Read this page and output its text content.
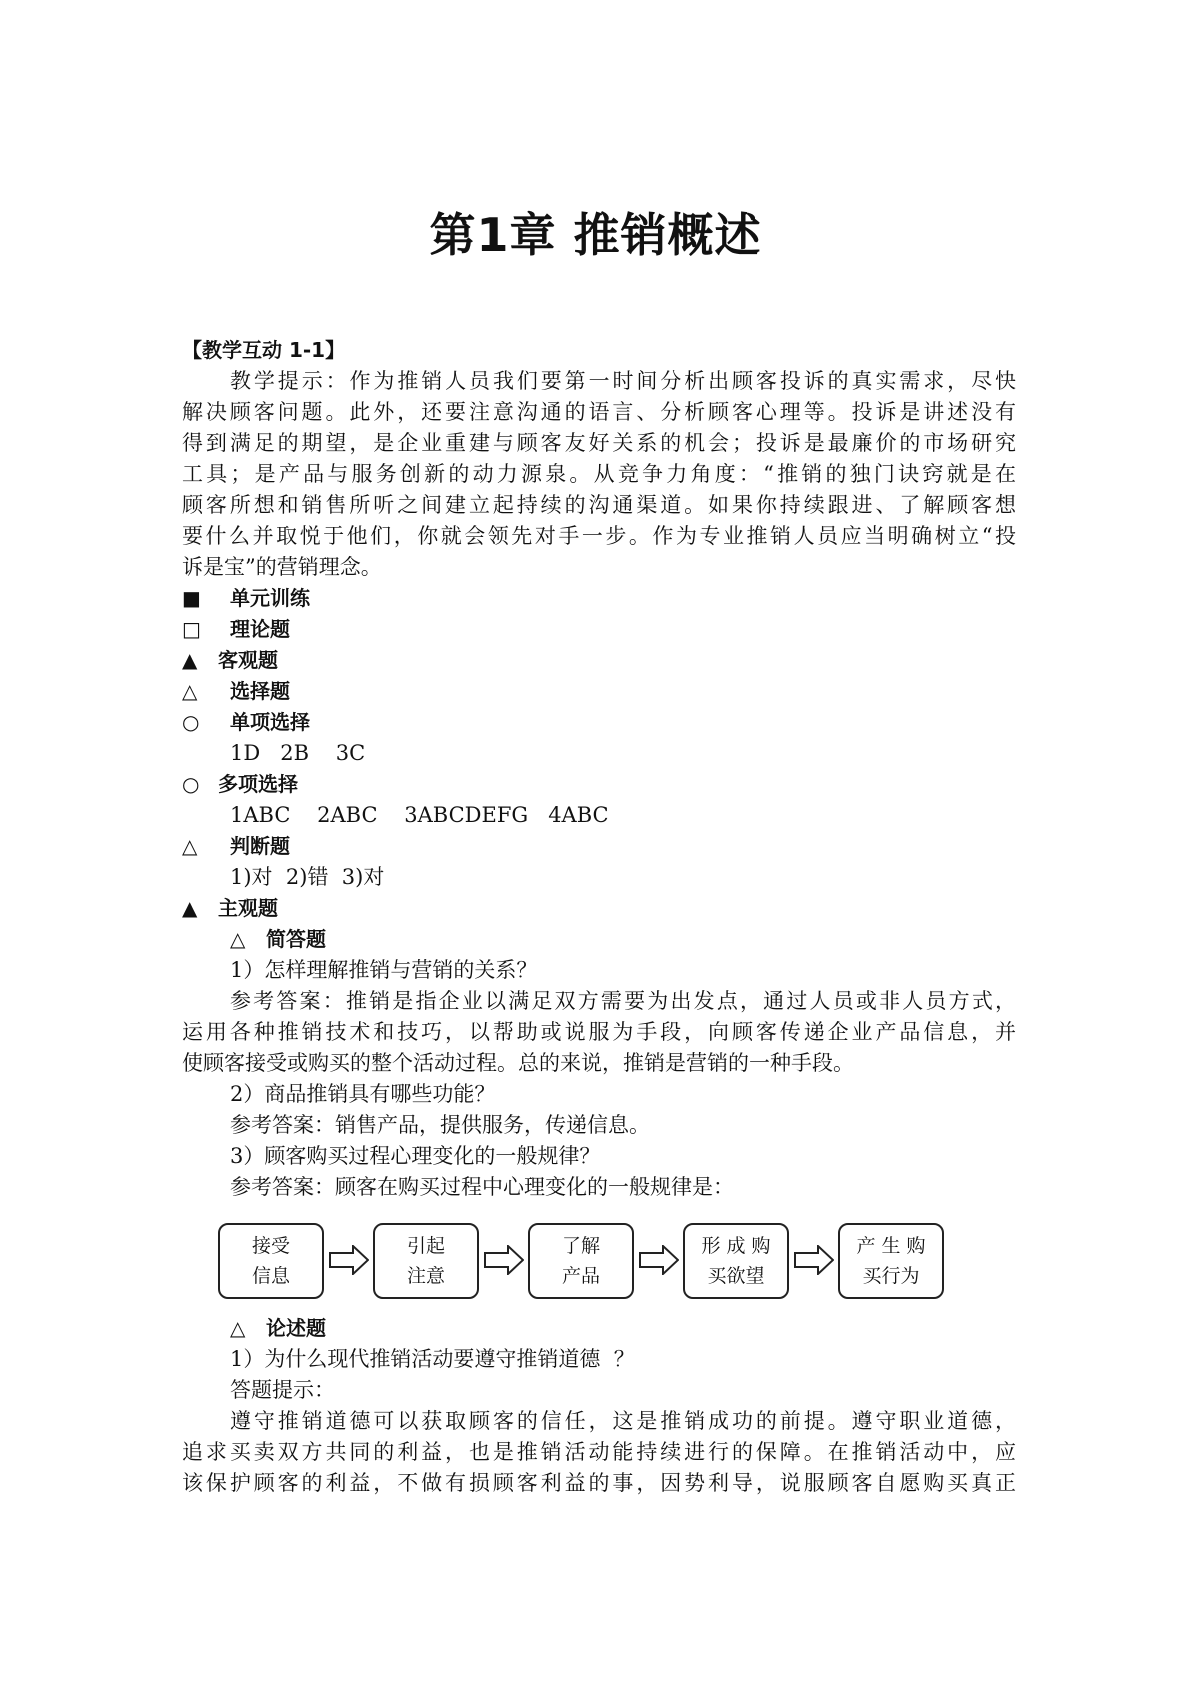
第1章 推销概述
【教学互动 1-1】
教学提示：作为推销人员我们要第一时间分析出顾客投诉的真实需求，尽快
解决顾客问题。此外，还要注意沟通的语言、分析顾客心理等。投诉是讲述没有
得到满足的期望，是企业重建与顾客友好关系的机会；投诉是最廉价的市场研究
工具；是产品与服务创新的动力源泉。从竞争力角度：“推销的独门诀窍就是在
顾客所想和销售所听之间建立起持续的沟通渠道。如果你持续跟进、了解顾客想
要什么并取悦于他们，你就会领先对手一步。作为专业推销人员应当明确树立“投
诉是宝”的营销理念。
■ 单元训练
□ 理论题
▲ 客观题
△ 选择题
○ 单项选择
1D   2B    3C
○ 多项选择
1ABC    2ABC    3ABCDEFG   4ABC
△ 判断题
1)对  2)错  3)对
▲ 主观题
△ 简答题
1）怎样理解推销与营销的关系？
参考答案：推销是指企业以满足双方需要为出发点，通过人员或非人员方式，
运用各种推销技术和技巧，以帮助或说服为手段，向顾客传递企业产品信息，并
使顾客接受或购买的整个活动过程。总的来说，推销是营销的一种手段。
2）商品推销具有哪些功能？
参考答案：销售产品，提供服务，传递信息。
3）顾客购买过程心理变化的一般规律？
参考答案：顾客在购买过程中心理变化的一般规律是：
接受
信息
引起
注意
了解
产品
形 成 购
买欲望
产 生 购
买行为
△ 论述题
1）为什么现代推销活动要遵守推销道德  ？
答题提示：
遵守推销道德可以获取顾客的信任，这是推销成功的前提。遵守职业道德，
追求买卖双方共同的利益，也是推销活动能持续进行的保障。在推销活动中，应
该保护顾客的利益，不做有损顾客利益的事，因势利导，说服顾客自愿购买真正
